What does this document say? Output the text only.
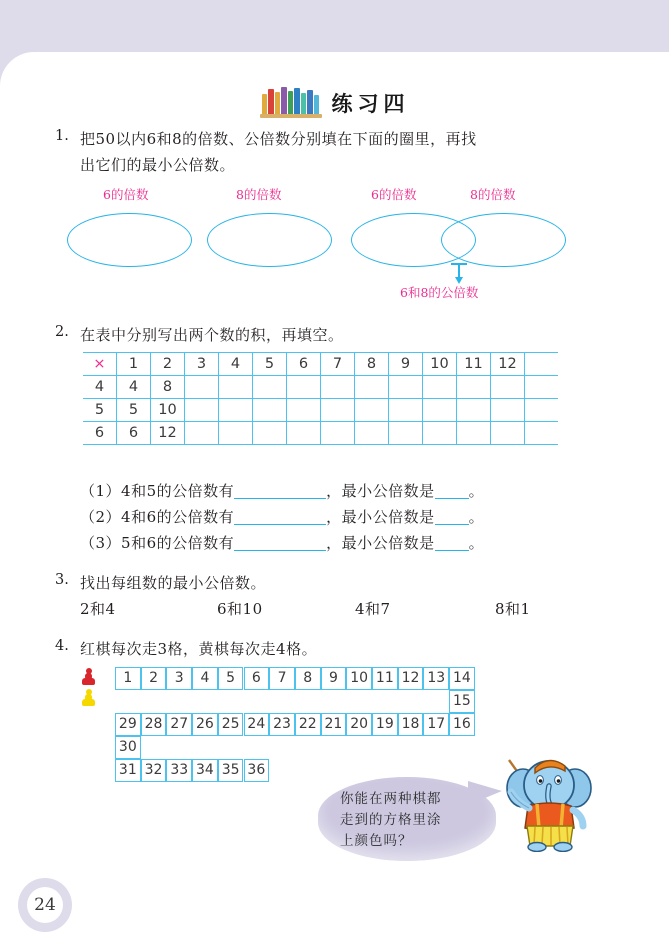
练习四
1. 把50以内6和8的倍数、公倍数分别填在下面的圈里，再找
出它们的最小公倍数。
6的倍数	8的倍数	6的倍数	8的倍数
6和8的公倍数
2. 在表中分别写出两个数的积，再填空。
×	1	2	3	4	5	6	7	8	9	10	11	12	
4	4	8											
5	5	10											
6	6	12											
（1）4和5的公倍数有	，最小公倍数是 。
（2）4和6的公倍数有	，最小公倍数是 。
（3）5和6的公倍数有	，最小公倍数是 。
3. 找出每组数的最小公倍数。
2和4	6和10	4和7	8和1
4. 红棋每次走3格，黄棋每次走4格。
1	2	3	4	5	6	7	8	9 10 11 12 13 14
15
29 28 27 26 25 24 23 22 21 20 19 18 17 16
30
31 32 33 34 35 36
你能在两种棋都
走到的方格里涂
上颜色吗？
24
